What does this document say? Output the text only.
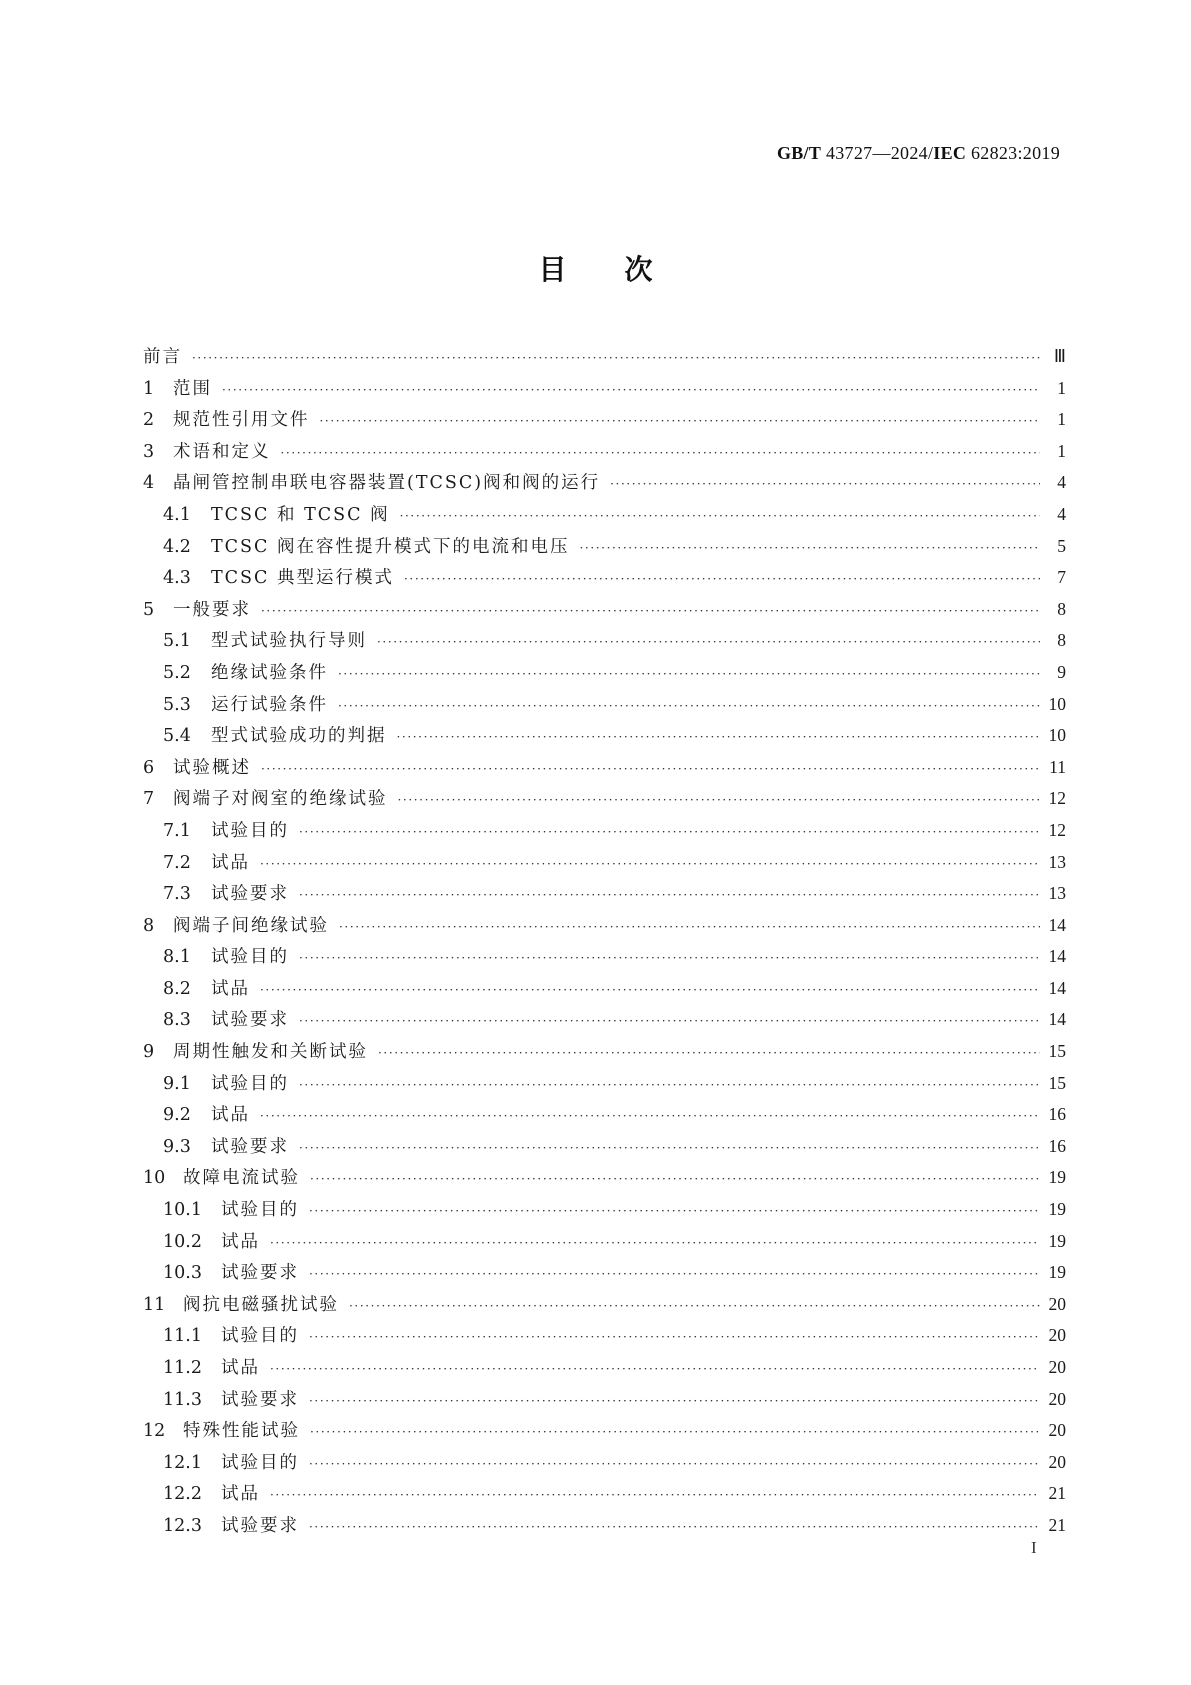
GB/T 43727—2024/IEC 62823:2019
目次
前言 ·····	Ⅲ
1	范围 ·····	1
2	规范性引用文件 ·····	1
3	术语和定义 ·····	1
4	晶闸管控制串联电容器装置(TCSC)阀和阀的运行 ·····	4
4.1	TCSC 和 TCSC 阀 ·····	4
4.2	TCSC 阀在容性提升模式下的电流和电压 ·····	5
4.3	TCSC 典型运行模式 ·····	7
5	一般要求 ·····	8
5.1	型式试验执行导则 ·····	8
5.2	绝缘试验条件 ·····	9
5.3	运行试验条件 ·····	10
5.4	型式试验成功的判据 ·····	10
6	试验概述 ·····	11
7	阀端子对阀室的绝缘试验 ·····	12
7.1	试验目的 ·····	12
7.2	试品 ·····	13
7.3	试验要求 ·····	13
8	阀端子间绝缘试验 ·····	14
8.1	试验目的 ·····	14
8.2	试品 ·····	14
8.3	试验要求 ·····	14
9	周期性触发和关断试验 ·····	15
9.1	试验目的 ·····	15
9.2	试品 ·····	16
9.3	试验要求 ·····	16
10	故障电流试验 ·····	19
10.1	试验目的 ·····	19
10.2	试品 ·····	19
10.3	试验要求 ·····	19
11	阀抗电磁骚扰试验 ·····	20
11.1	试验目的 ·····	20
11.2	试品 ·····	20
11.3	试验要求 ·····	20
12	特殊性能试验 ·····	20
12.1	试验目的 ·····	20
12.2	试品 ·····	21
12.3	试验要求 ·····	21
I
